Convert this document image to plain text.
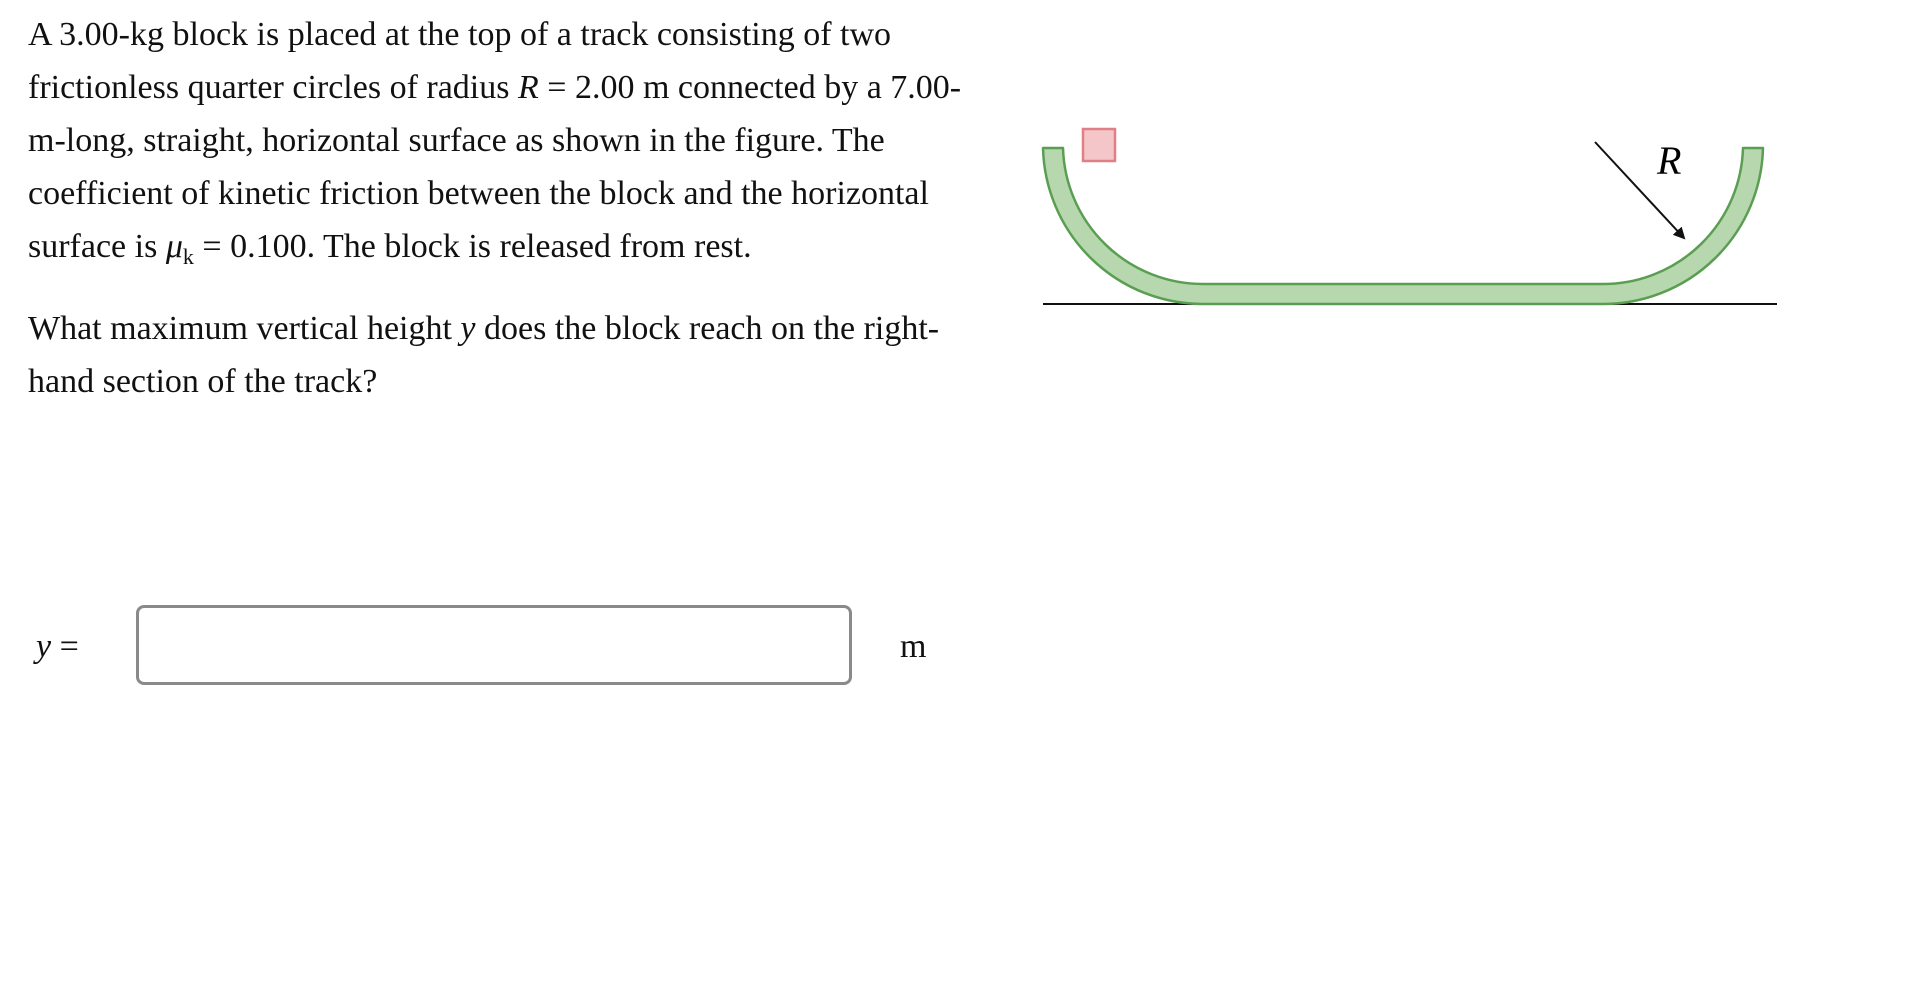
A 3.00-kg block is placed at the top of a track consisting of two frictionless quarter circles of radius R = 2.00 m connected by a 7.00-m-long, straight, horizontal surface as shown in the figure. The coefficient of kinetic friction between the block and the horizontal surface is $\mu_k = 0.100$. The block is released from rest.

What maximum vertical height y does the block reach on the right-hand section of the track?

R
y =	m
